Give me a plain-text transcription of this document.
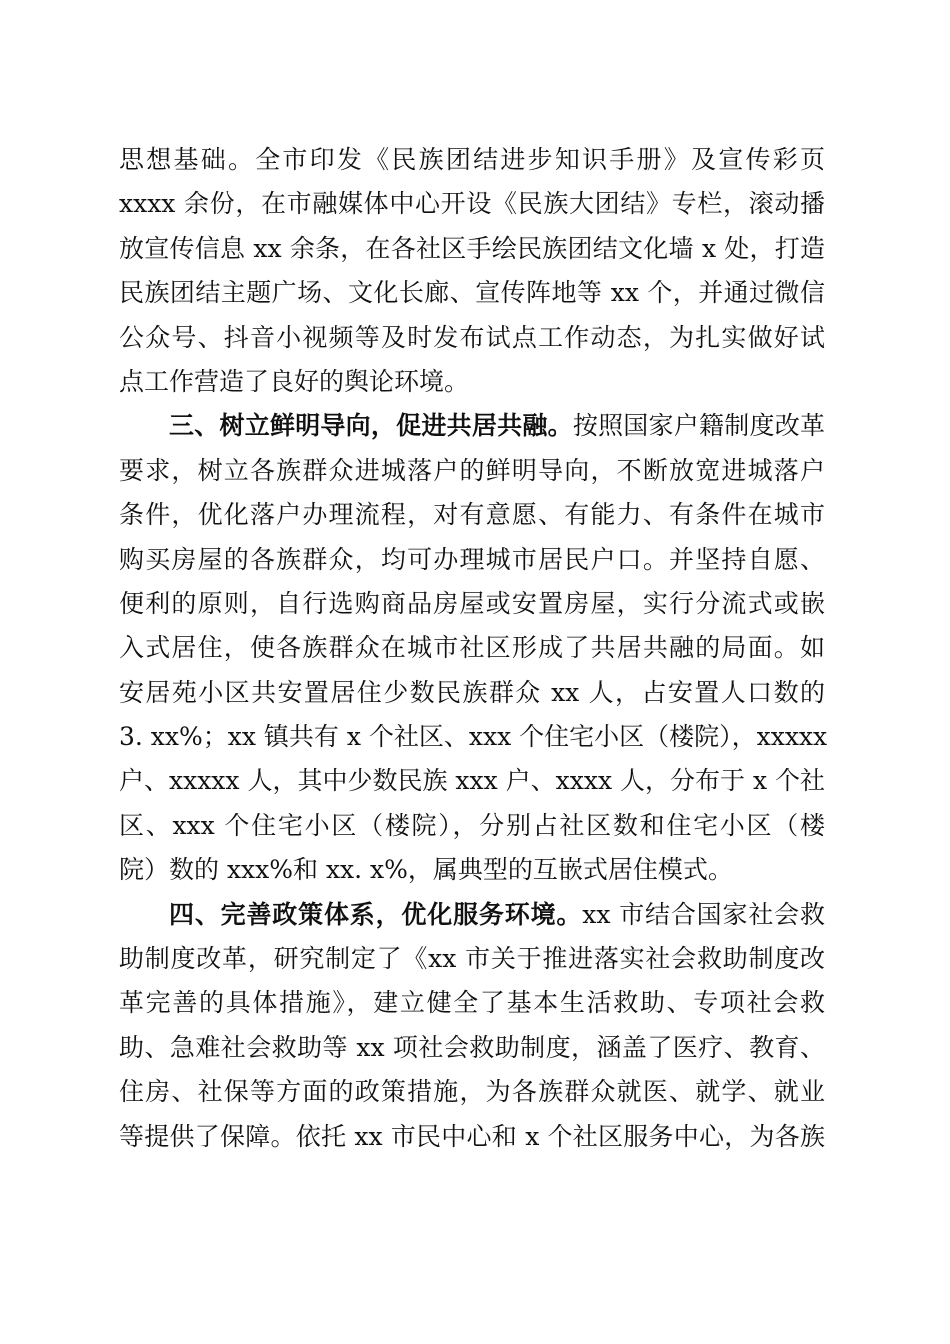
思想基础。全市印发《民族团结进步知识手册》及宣传彩页
xxxx 余份，在市融媒体中心开设《民族大团结》专栏，滚动播
放宣传信息 xx 余条，在各社区手绘民族团结文化墙 x 处，打造
民族团结主题广场、文化长廊、宣传阵地等 xx 个，并通过微信
公众号、抖音小视频等及时发布试点工作动态，为扎实做好试
点工作营造了良好的舆论环境。
三、树立鲜明导向，促进共居共融。按照国家户籍制度改革
要求，树立各族群众进城落户的鲜明导向，不断放宽进城落户
条件，优化落户办理流程，对有意愿、有能力、有条件在城市
购买房屋的各族群众，均可办理城市居民户口。并坚持自愿、
便利的原则，自行选购商品房屋或安置房屋，实行分流式或嵌
入式居住，使各族群众在城市社区形成了共居共融的局面。如
安居苑小区共安置居住少数民族群众 xx 人，占安置人口数的
3. xx%；xx 镇共有 x 个社区、xxx 个住宅小区（楼院），xxxxx
户、xxxxx 人，其中少数民族 xxx 户、xxxx 人，分布于 x 个社
区、xxx 个住宅小区（楼院），分别占社区数和住宅小区（楼
院）数的 xxx%和 xx. x%，属典型的互嵌式居住模式。
四、完善政策体系，优化服务环境。xx 市结合国家社会救
助制度改革，研究制定了《xx 市关于推进落实社会救助制度改
革完善的具体措施》，建立健全了基本生活救助、专项社会救
助、急难社会救助等 xx 项社会救助制度，涵盖了医疗、教育、
住房、社保等方面的政策措施，为各族群众就医、就学、就业
等提供了保障。依托 xx 市民中心和 x 个社区服务中心，为各族
